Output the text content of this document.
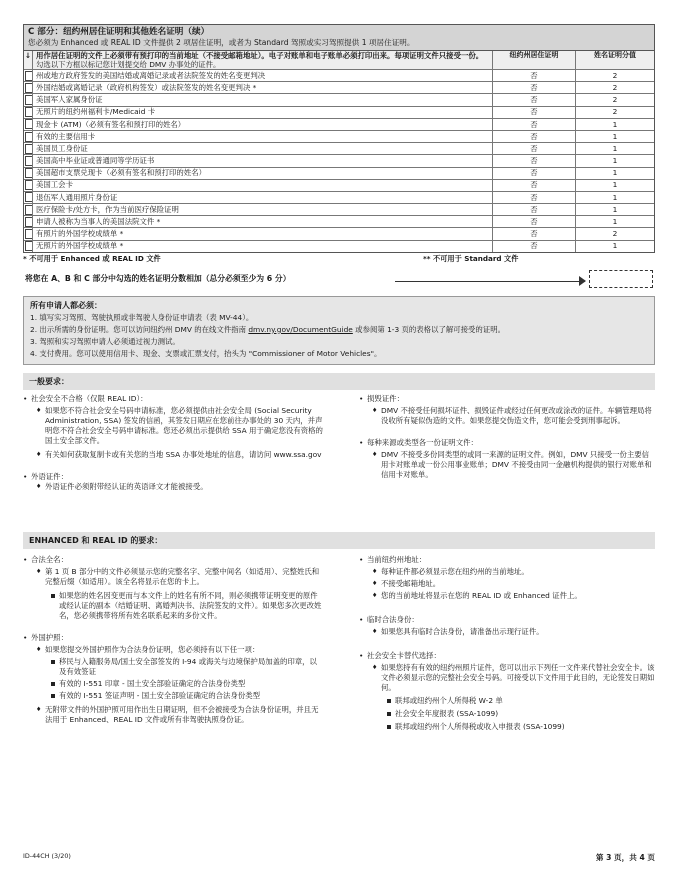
C 部分：纽约州居住证明和其他姓名证明（续）
您必须为 Enhanced 或 REAL ID 文件提供 2 项居住证明，或者为 Standard 驾照或实习驾照提供 1 项居住证明。
↓	用作居住证明的文件上必须带有预打印的当前地址（不接受邮箱地址）。电子对账单和电子账单必须打印出来。每项证明文件只接受一份。
勾选以下方框以标记您计划提交给 DMV 办事处的证件。	纽约州居住证明	姓名证明分值
	州或地方政府签发的美国结婚或离婚记录或者法院签发的姓名变更判决	否	2
	外国结婚或离婚记录（政府机构签发）或法院签发的姓名变更判决 *	否	2
	美国军人家属身份证	否	2
	无照片的纽约州福利卡/Medicaid 卡	否	2
	现金卡 (ATM)（必须有签名和预打印的姓名）	否	1
	有效的主要信用卡	否	1
	美国员工身份证	否	1
	美国高中毕业证或普通同等学历证书	否	1
	美国超市支票兑现卡（必须有签名和预打印的姓名）	否	1
	美国工会卡	否	1
	退伍军人通用照片身份证	否	1
	医疗保险卡/处方卡，作为当前医疗保险证明	否	1
	申请人被称为当事人的美国法院文件 *	否	1
	有照片的外国学校成绩单 *	否	2
	无照片的外国学校成绩单 *	否	1
* 不可用于 Enhanced 或 REAL ID 文件	** 不可用于 Standard 文件
将您在 A、B 和 C 部分中勾选的姓名证明分数相加（总分必须至少为 6 分）
所有申请人都必须：
1. 填写实习驾照、驾驶执照或非驾驶人身份证申请表（表 MV-44）。
2. 出示所需的身份证明。您可以访问纽约州 DMV 的在线文件指南 dmv.ny.gov/DocumentGuide 或参阅第 1-3 页的表格以了解可接受的证明。
3. 驾照和实习驾照申请人必须通过视力测试。
4. 支付费用。您可以使用信用卡、现金、支票或汇票支付，抬头为 "Commissioner of Motor Vehicles"。
一般要求：
• 社会安全不合格（仅限 REAL ID）：
♦ 如果您不符合社会安全号码申请标准，您必须提供由社会安全局 (Social Security Administration, SSA) 签发的信函，其签发日期应在您前往办事处的 30 天内，并声明您不符合社会安全号码申请标准。您还必须出示提供给 SSA 用于确定您没有资格的国土安全部文件。
♦ 有关如何获取复制卡或有关您的当地 SSA 办事处地址的信息，请访问 www.ssa.gov
• 外语证件：
♦ 外语证件必须附带经认证的英语译文才能被接受。
• 损毁证件：
♦ DMV 不接受任何损坏证件、损毁证件或经过任何更改或涂改的证件。车辆管理局将没收所有疑似伪造的文件。如果您提交伪造文件，您可能会受到刑事起诉。
• 每种来源或类型各一份证明文件：
♦ DMV 不接受多份同类型的或同一来源的证明文件。例如，DMV 只接受一份主要信用卡对账单或一份公用事业账单；DMV 不接受由同一金融机构提供的银行对账单和信用卡对账单。
ENHANCED 和 REAL ID 的要求：
• 合法全名：
♦ 第 1 页 B 部分中的文件必须显示您的完整名字、完整中间名（如适用）、完整姓氏和完整后缀（如适用）。该全名将显示在您的卡上。
如果您的姓名因变更而与本文件上的姓名有所不同，则必须携带证明变更的原件或经认证的副本（结婚证明、离婚判决书、法院签发的文件）。如果您多次更改姓名，您必须携带将所有姓名联系起来的多份文件。
• 外国护照：
♦ 如果您提交外国护照作为合法身份证明，您必须持有以下任一项：
移民与入籍服务局/国土安全部签发的 I-94 或海关与边境保护局加盖的印章，以及有效签证
有效的 I-551 印章 - 国土安全部验证确定的合法身份类型
有效的 I-551 签证声明 - 国土安全部验证确定的合法身份类型
♦ 无附带文件的外国护照可用作出生日期证明，但不会被接受为合法身份证明，并且无法用于 Enhanced、REAL ID 文件或所有非驾驶执照身份证。
• 当前纽约州地址：
♦ 每种证件都必须显示您在纽约州的当前地址。
♦ 不接受邮箱地址。
♦ 您的当前地址将显示在您的 REAL ID 或 Enhanced 证件上。
• 临时合法身份：
♦ 如果您具有临时合法身份，请准备出示现行证件。
• 社会安全卡替代选择：
♦ 如果您持有有效的纽约州照片证件，您可以出示下列任一文件来代替社会安全卡。该文件必须显示您的完整社会安全号码。可接受以下文件用于此目的，无论签发日期如何。
联邦或纽约州个人所得税 W-2 单
社会安全年度报表 (SSA-1099)
联邦或纽约州个人所得税或收入申报表 (SSA-1099)
ID-44CH (3/20)	第 3 页，共 4 页
